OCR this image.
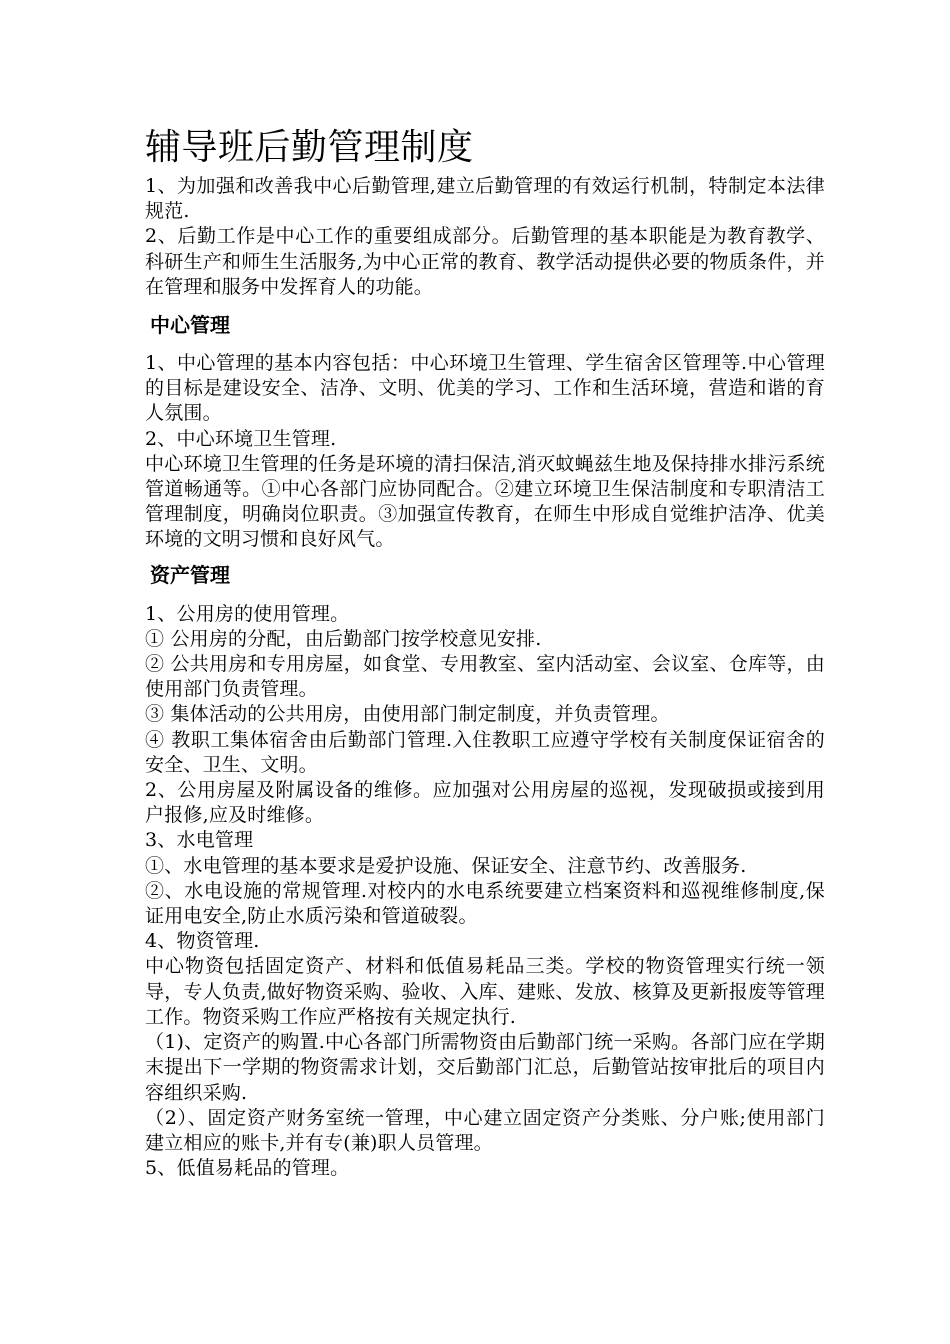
辅导班后勤管理制度

1、为加强和改善我中心后勤管理,建立后勤管理的有效运行机制，特制定本法律规范.

2、后勤工作是中心工作的重要组成部分。后勤管理的基本职能是为教育教学、科研生产和师生生活服务,为中心正常的教育、教学活动提供必要的物质条件，并在管理和服务中发挥育人的功能。

中心管理

1、中心管理的基本内容包括：中心环境卫生管理、学生宿舍区管理等.中心管理的目标是建设安全、洁净、文明、优美的学习、工作和生活环境，营造和谐的育人氛围。

2、中心环境卫生管理.

中心环境卫生管理的任务是环境的清扫保洁,消灭蚊蝇兹生地及保持排水排污系统管道畅通等。①中心各部门应协同配合。②建立环境卫生保洁制度和专职清洁工管理制度，明确岗位职责。③加强宣传教育，在师生中形成自觉维护洁净、优美环境的文明习惯和良好风气。

资产管理

1、公用房的使用管理。

① 公用房的分配，由后勤部门按学校意见安排.

② 公共用房和专用房屋，如食堂、专用教室、室内活动室、会议室、仓库等，由使用部门负责管理。

③ 集体活动的公共用房，由使用部门制定制度，并负责管理。

④ 教职工集体宿舍由后勤部门管理.入住教职工应遵守学校有关制度保证宿舍的安全、卫生、文明。

2、公用房屋及附属设备的维修。应加强对公用房屋的巡视，发现破损或接到用户报修,应及时维修。

3、水电管理

①、水电管理的基本要求是爱护设施、保证安全、注意节约、改善服务.

②、水电设施的常规管理.对校内的水电系统要建立档案资料和巡视维修制度,保证用电安全,防止水质污染和管道破裂。

4、物资管理.

中心物资包括固定资产、材料和低值易耗品三类。学校的物资管理实行统一领导，专人负责,做好物资采购、验收、入库、建账、发放、核算及更新报废等管理工作。物资采购工作应严格按有关规定执行.

（1)、定资产的购置.中心各部门所需物资由后勤部门统一采购。各部门应在学期末提出下一学期的物资需求计划，交后勤部门汇总，后勤管站按审批后的项目内容组织采购.

（2）、固定资产财务室统一管理，中心建立固定资产分类账、分户账;使用部门建立相应的账卡,并有专(兼)职人员管理。

5、低值易耗品的管理。
